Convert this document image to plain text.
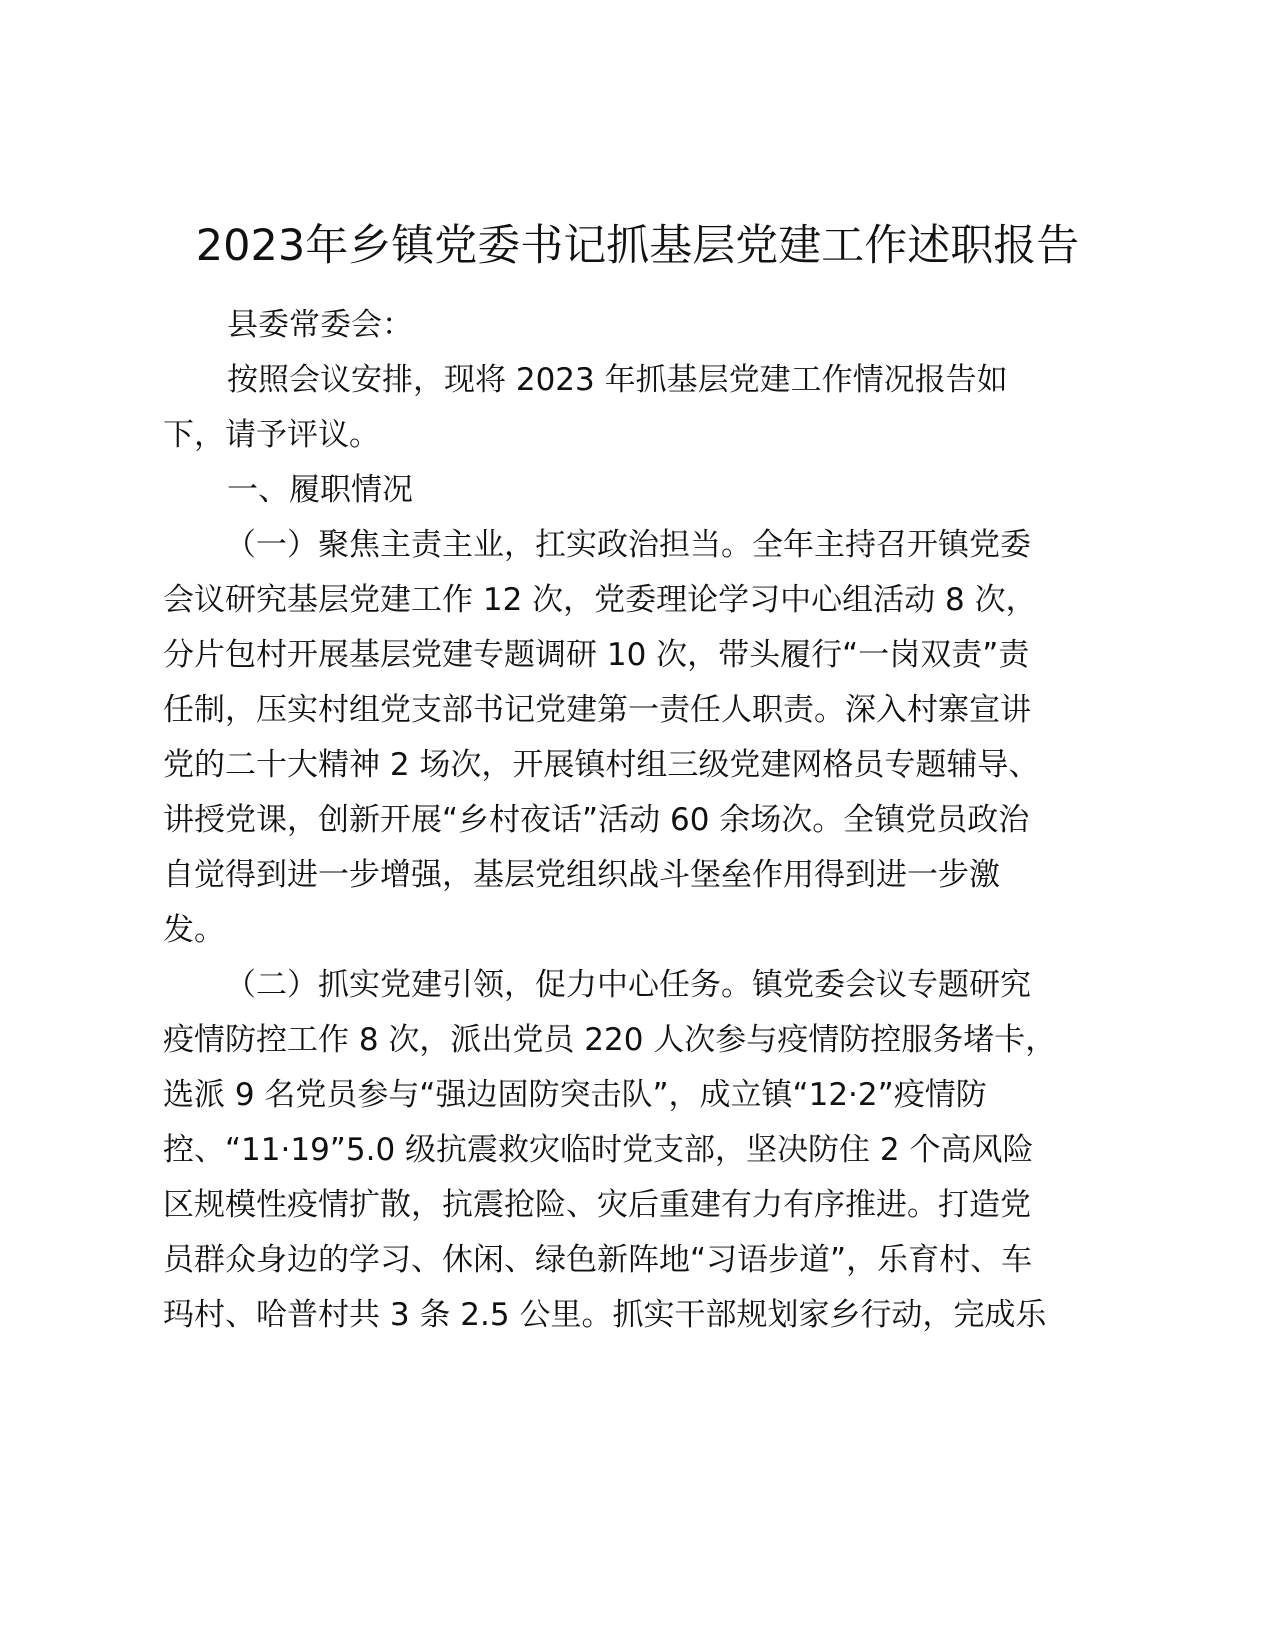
2023年乡镇党委书记抓基层党建工作述职报告

县委常委会：

按照会议安排，现将 2023 年抓基层党建工作情况报告如

下，请予评议。

一、履职情况

（一）聚焦主责主业，扛实政治担当。全年主持召开镇党委

会议研究基层党建工作 12 次，党委理论学习中心组活动 8 次，

分片包村开展基层党建专题调研 10 次，带头履行“一岗双责”责

任制，压实村组党支部书记党建第一责任人职责。深入村寨宣讲

党的二十大精神 2 场次，开展镇村组三级党建网格员专题辅导、

讲授党课，创新开展“乡村夜话”活动 60 余场次。全镇党员政治

自觉得到进一步增强，基层党组织战斗堡垒作用得到进一步激

发。

（二）抓实党建引领，促力中心任务。镇党委会议专题研究

疫情防控工作 8 次，派出党员 220 人次参与疫情防控服务堵卡，

选派 9 名党员参与“强边固防突击队”，成立镇“12·2”疫情防

控、“11·19”5.0 级抗震救灾临时党支部，坚决防住 2 个高风险

区规模性疫情扩散，抗震抢险、灾后重建有力有序推进。打造党

员群众身边的学习、休闲、绿色新阵地“习语步道”，乐育村、车

玛村、哈普村共 3 条 2.5 公里。抓实干部规划家乡行动，完成乐
